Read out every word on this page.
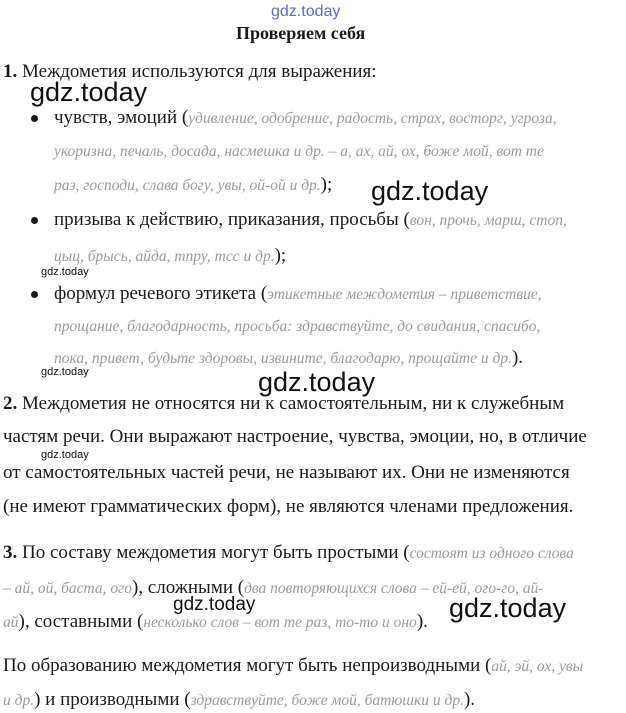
gdz.today
Проверяем себя
1. Междометия используются для выражения:
gdz.today
чувств, эмоций (удивление, одобрение, радость, страх, восторг, угроза,
укоризна, печаль, досада, насмешка и др. – а, ах, ай, ох, боже мой, вот те
раз, господи, слава богу, увы, ой-ой и др.); gdz.today
призыва к действию, приказания, просьбы (вон, прочь, марш, стоп,
цыц, брысь, айда, тпру, тсс и др.);
gdz.today
формул речевого этикета (этикетные междометия – приветствие,
прощание, благодарность, просьба: здравствуйте, до свидания, спасибо,
пока, привет, будьте здоровы, извините, благодарю, прощайте и др.).
gdz.today	gdz.today
2. Междометия не относятся ни к самостоятельным, ни к служебным
частям речи. Они выражают настроение, чувства, эмоции, но, в отличие
gdz.today
от самостоятельных частей речи, не называют их. Они не изменяются
(не имеют грамматических форм), не являются членами предложения.
3. По составу междометия могут быть простыми (состоят из одного слова
– ай, ой, баста, ого), сложными (два повторяющихся слова – ей-ей, ого-го, ай-
gdz.today	gdz.today
ай), составными (несколько слов – вот те раз, то-то и оно).
По образованию междометия могут быть непроизводными (ай, эй, ох, увы
и др.) и производными (здравствуйте, боже мой, батюшки и др.).
